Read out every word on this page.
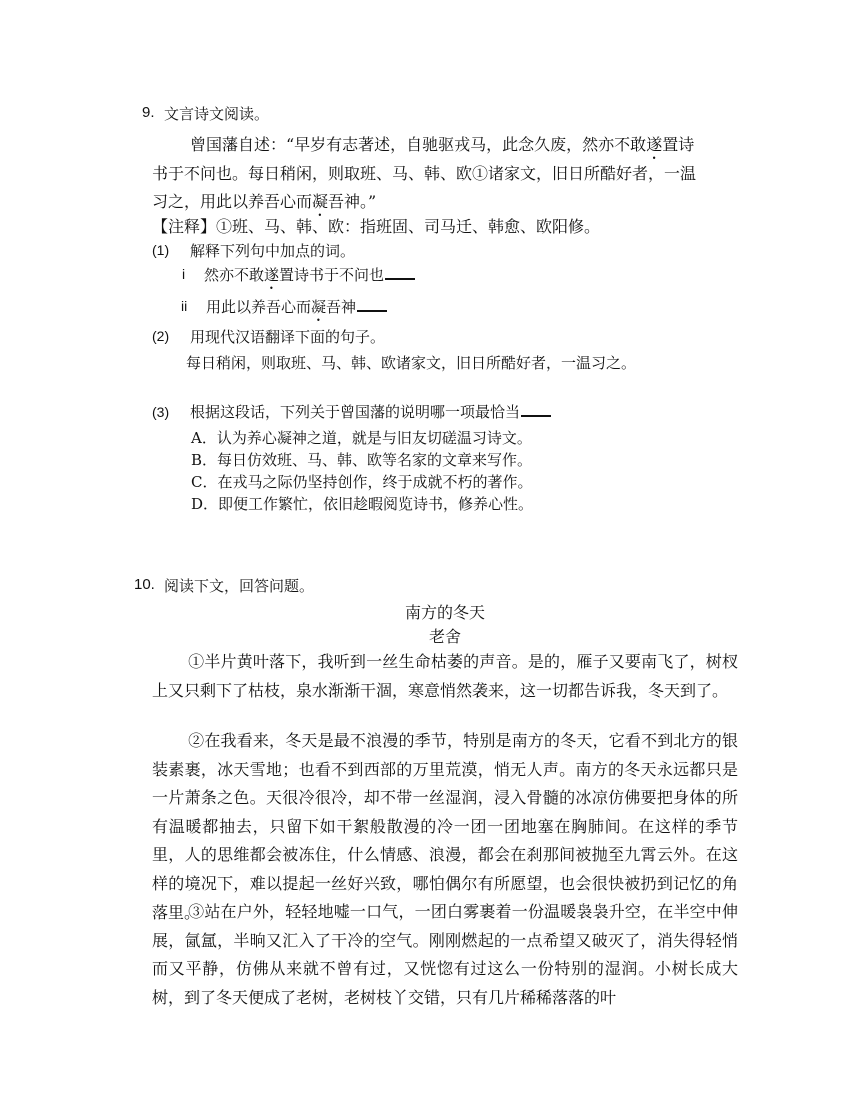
9. 文言诗文阅读。
曾国藩自述：“早岁有志著述，自驰驱戎马，此念久废，然亦不敢遂置诗
书于不问也。每日稍闲，则取班、马、韩、欧①诸家文，旧日所酷好者，一温
习之，用此以养吾心而凝吾神。”
【注释】①班、马、韩、欧：指班固、司马迁、韩愈、欧阳修。
(1) 解释下列句中加点的词。
i 然亦不敢遂置诗书于不问也
ii 用此以养吾心而凝吾神
(2) 用现代汉语翻译下面的句子。
每日稍闲，则取班、马、韩、欧诸家文，旧日所酷好者，一温习之。
(3) 根据这段话，下列关于曾国藩的说明哪一项最恰当
A．认为养心凝神之道，就是与旧友切磋温习诗文。
B．每日仿效班、马、韩、欧等名家的文章来写作。
C．在戎马之际仍坚持创作，终于成就不朽的著作。
D．即便工作繁忙，依旧趁暇阅览诗书，修养心性。
10. 阅读下文，回答问题。
南方的冬天
老舍
①半片黄叶落下，我听到一丝生命枯萎的声音。是的，雁子又要南飞了，树杈上又只剩下了枯枝，泉水渐渐干涸，寒意悄然袭来，这一切都告诉我，冬天到了。
②在我看来，冬天是最不浪漫的季节，特别是南方的冬天，它看不到北方的银装素裹，冰天雪地；也看不到西部的万里荒漠，悄无人声。南方的冬天永远都只是一片萧条之色。天很冷很冷，却不带一丝湿润，浸入骨髓的冰凉仿佛要把身体的所有温暖都抽去，只留下如干絮般散漫的冷一团一团地塞在胸肺间。在这样的季节里，人的思维都会被冻住，什么情感、浪漫，都会在刹那间被抛至九霄云外。在这样的境况下，难以提起一丝好兴致，哪怕偶尔有所愿望，也会很快被扔到记忆的角落里。
③站在户外，轻轻地嘘一口气，一团白雾裹着一份温暖袅袅升空，在半空中伸展，氤氲，半晌又汇入了干冷的空气。刚刚燃起的一点希望又破灭了，消失得轻悄而又平静，仿佛从来就不曾有过，又恍惚有过这么一份特别的湿润。小树长成大树，到了冬天便成了老树，老树枝丫交错，只有几片稀稀落落的叶
